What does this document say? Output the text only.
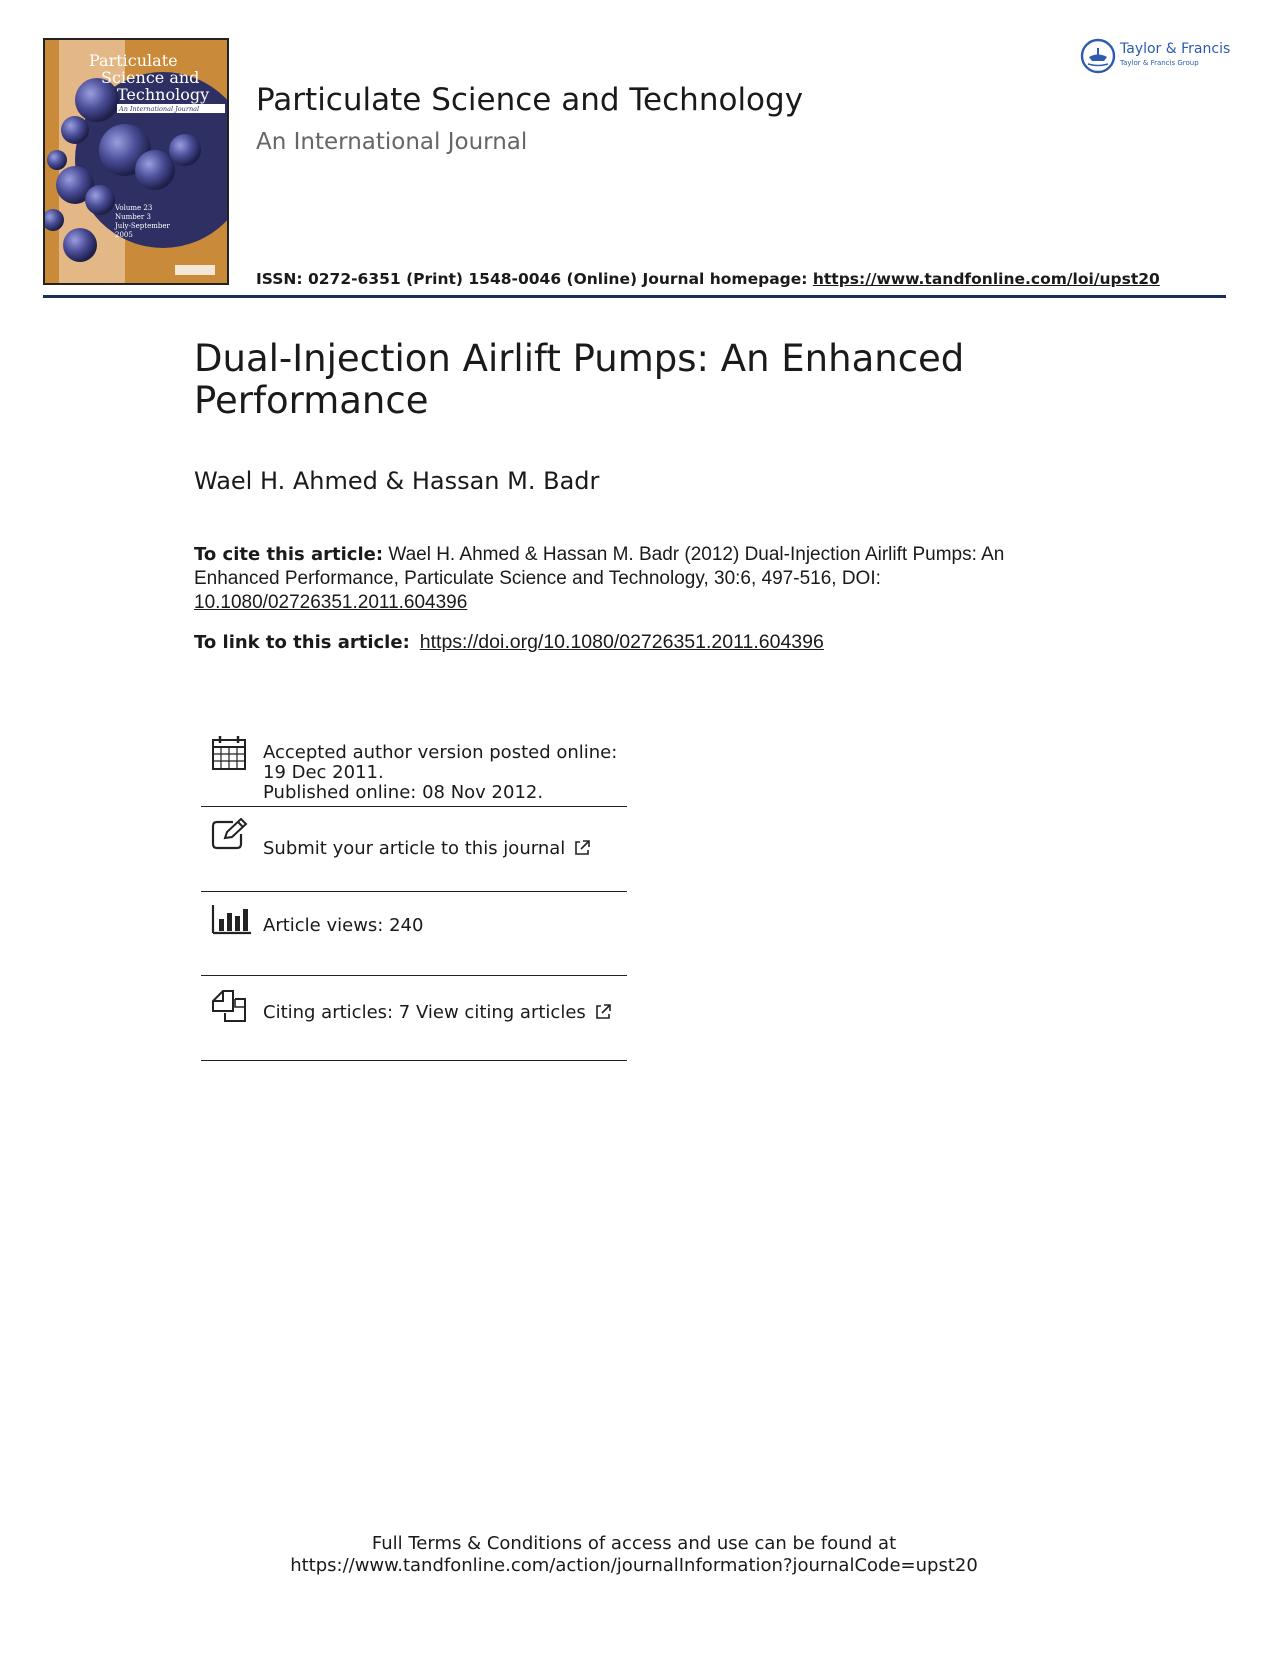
Particulate
Science and
Technology
An International Journal
Volume 23
Number 3
July-September
2005
Particulate Science and Technology
An International Journal
ISSN: 0272-6351 (Print) 1548-0046 (Online) Journal homepage: https://www.tandfonline.com/loi/upst20
Taylor & Francis
Taylor & Francis Group
Dual-Injection Airlift Pumps: An Enhanced Performance
Wael H. Ahmed & Hassan M. Badr
To cite this article: Wael H. Ahmed & Hassan M. Badr (2012) Dual-Injection Airlift Pumps: An Enhanced Performance, Particulate Science and Technology, 30:6, 497-516, DOI: 10.1080/02726351.2011.604396
To link to this article: https://doi.org/10.1080/02726351.2011.604396
Accepted author version posted online: 19 Dec 2011.
Published online: 08 Nov 2012.
Submit your article to this journal
Article views: 240
Citing articles: 7 View citing articles
Full Terms & Conditions of access and use can be found at
https://www.tandfonline.com/action/journalInformation?journalCode=upst20
